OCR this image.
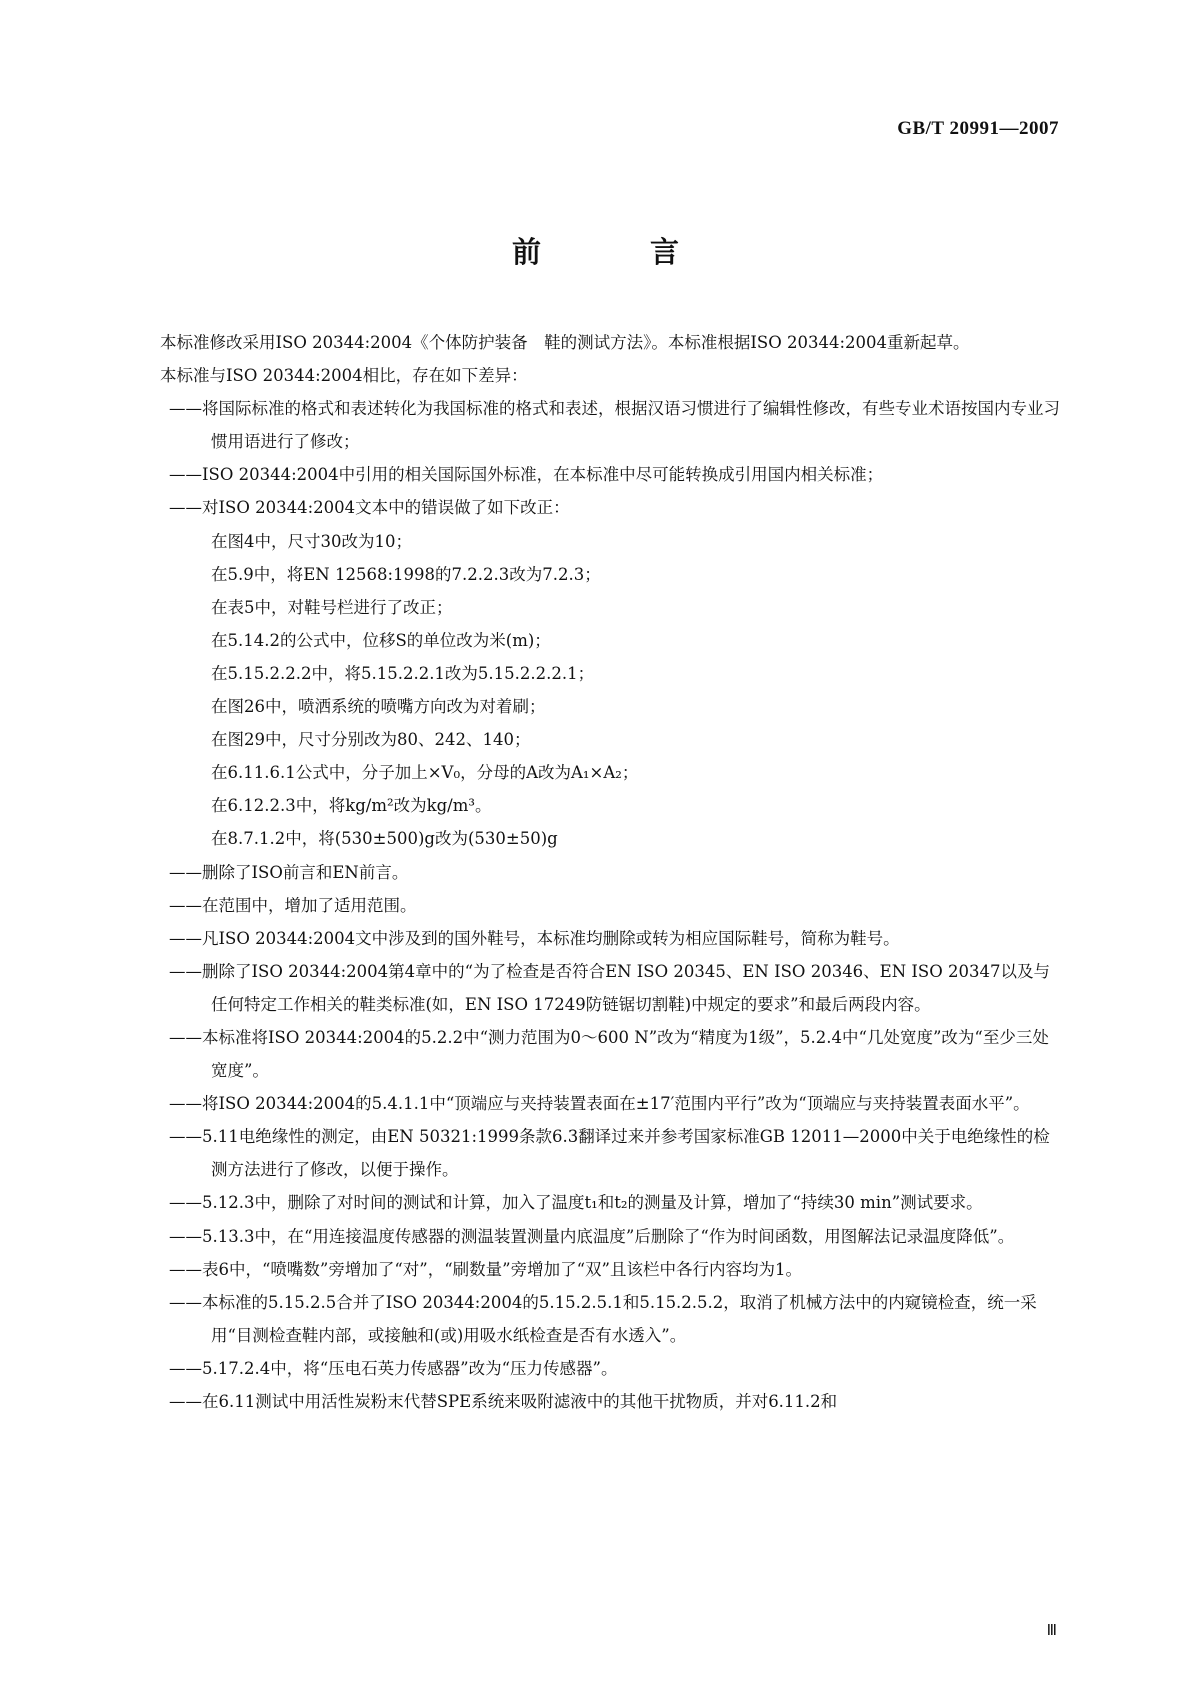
GB/T 20991—2007
前　言

本标准修改采用ISO 20344:2004《个体防护装备　鞋的测试方法》。本标准根据ISO 20344:2004重新起草。

本标准与ISO 20344:2004相比，存在如下差异：

——将国际标准的格式和表述转化为我国标准的格式和表述，根据汉语习惯进行了编辑性修改，有些专业术语按国内专业习惯用语进行了修改；

——ISO 20344:2004中引用的相关国际国外标准，在本标准中尽可能转换成引用国内相关标准；

——对ISO 20344:2004文本中的错误做了如下改正：

在图4中，尺寸30改为10；

在5.9中，将EN 12568:1998的7.2.2.3改为7.2.3；

在表5中，对鞋号栏进行了改正；

在5.14.2的公式中，位移S的单位改为米(m)；

在5.15.2.2.2中，将5.15.2.2.1改为5.15.2.2.2.1；

在图26中，喷洒系统的喷嘴方向改为对着刷；

在图29中，尺寸分别改为80、242、140；

在6.11.6.1公式中，分子加上×V₀，分母的A改为A₁×A₂；

在6.12.2.3中，将kg/m²改为kg/m³。

在8.7.1.2中，将(530±500)g改为(530±50)g

——删除了ISO前言和EN前言。

——在范围中，增加了适用范围。

——凡ISO 20344:2004文中涉及到的国外鞋号，本标准均删除或转为相应国际鞋号，简称为鞋号。

——删除了ISO 20344:2004第4章中的“为了检查是否符合EN ISO 20345、EN ISO 20346、EN ISO 20347以及与任何特定工作相关的鞋类标准(如，EN ISO 17249防链锯切割鞋)中规定的要求”和最后两段内容。

——本标准将ISO 20344:2004的5.2.2中“测力范围为0～600 N”改为“精度为1级”，5.2.4中“几处宽度”改为“至少三处宽度”。

——将ISO 20344:2004的5.4.1.1中“顶端应与夹持装置表面在±17′范围内平行”改为“顶端应与夹持装置表面水平”。

——5.11电绝缘性的测定，由EN 50321:1999条款6.3翻译过来并参考国家标准GB 12011—2000中关于电绝缘性的检测方法进行了修改，以便于操作。

——5.12.3中，删除了对时间的测试和计算，加入了温度t₁和t₂的测量及计算，增加了“持续30 min”测试要求。

——5.13.3中，在“用连接温度传感器的测温装置测量内底温度”后删除了“作为时间函数，用图解法记录温度降低”。

——表6中，“喷嘴数”旁增加了“对”，“刷数量”旁增加了“双”且该栏中各行内容均为1。

——本标准的5.15.2.5合并了ISO 20344:2004的5.15.2.5.1和5.15.2.5.2，取消了机械方法中的内窥镜检查，统一采用“目测检查鞋内部，或接触和(或)用吸水纸检查是否有水透入”。

——5.17.2.4中，将“压电石英力传感器”改为“压力传感器”。

——在6.11测试中用活性炭粉末代替SPE系统来吸附滤液中的其他干扰物质，并对6.11.2和

Ⅲ
